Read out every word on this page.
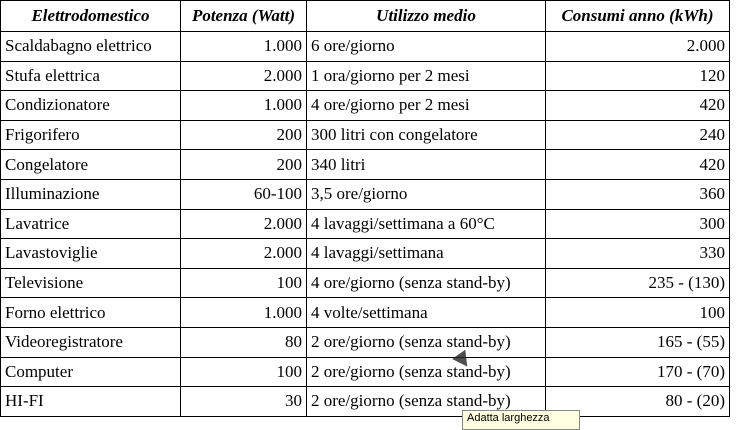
Elettrodomestico	Potenza (Watt)	Utilizzo medio	Consumi anno (kWh)
Scaldabagno elettrico	1.000	6 ore/giorno	2.000
Stufa elettrica	2.000	1 ora/giorno per 2 mesi	120
Condizionatore	1.000	4 ore/giorno per 2 mesi	420
Frigorifero	200	300 litri con congelatore	240
Congelatore	200	340 litri	420
Illuminazione	60-100	3,5 ore/giorno	360
Lavatrice	2.000	4 lavaggi/settimana a 60°C	300
Lavastoviglie	2.000	4 lavaggi/settimana	330
Televisione	100	4 ore/giorno (senza stand-by)	235 - (130)
Forno elettrico	1.000	4 volte/settimana	100
Videoregistratore	80	2 ore/giorno (senza stand-by)	165 - (55)
Computer	100	2 ore/giorno (senza stand-by)	170 - (70)
HI-FI	30	2 ore/giorno (senza stand-by)	80 - (20)
Adatta larghezza
